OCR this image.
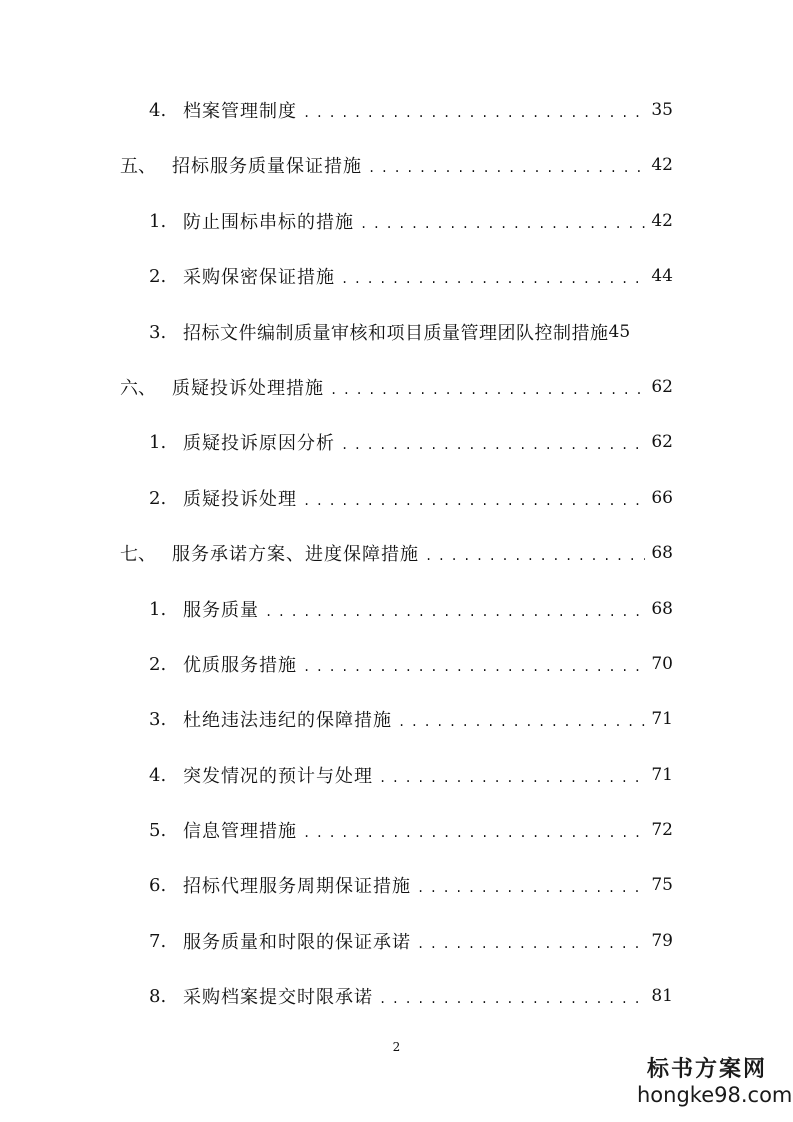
4. 档案管理制度 .....	35
五、 招标服务质量保证措施 .....	42
1. 防止围标串标的措施 .....	42
2. 采购保密保证措施 .....	44
3. 招标文件编制质量审核和项目质量管理团队控制措施 45
六、 质疑投诉处理措施 .....	62
1. 质疑投诉原因分析 .....	62
2. 质疑投诉处理 .....	66
七、 服务承诺方案、进度保障措施 .....	68
1. 服务质量 .....	68
2. 优质服务措施 .....	70
3. 杜绝违法违纪的保障措施 .....	71
4. 突发情况的预计与处理 .....	71
5. 信息管理措施 .....	72
6. 招标代理服务周期保证措施 .....	75
7. 服务质量和时限的保证承诺 .....	79
8. 采购档案提交时限承诺 .....	81
2
标书方案网
hongke98.com
